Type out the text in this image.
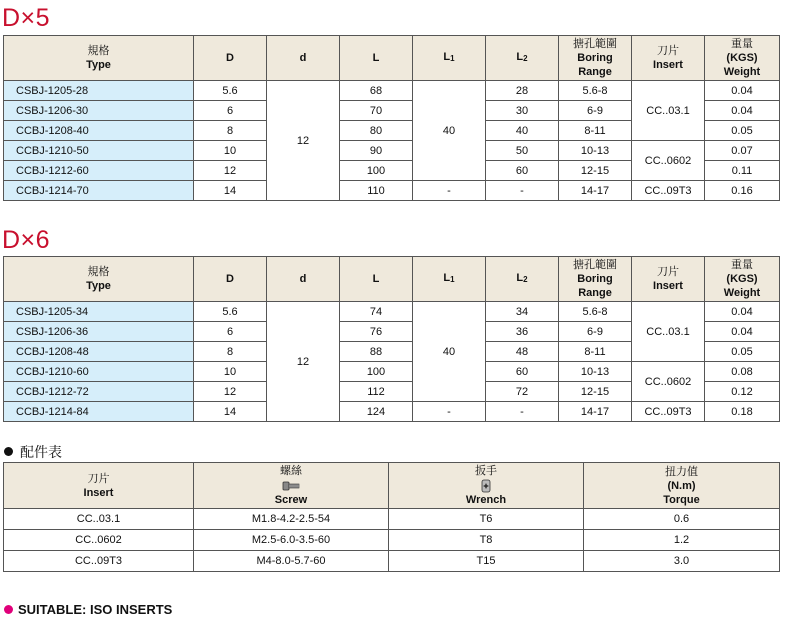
D×5
規格
Type	D	d	L	L1	L2	搪孔範圍
Boring
Range	刀片
Insert	重量
(KGS)
Weight
CSBJ-1205-28	5.6	12	68	40	28	5.6-8	CC..03.1	0.04
CSBJ-1206-30	6		70		30	6-9		0.04
CCBJ-1208-40	8		80		40	8-11		0.05
CCBJ-1210-50	10		90		50	10-13	CC..0602	0.07
CCBJ-1212-60	12		100		60	12-15		0.11
CCBJ-1214-70	14		110	-	-	14-17	CC..09T3	0.16
D×6
規格
Type	D	d	L	L1	L2	搪孔範圍
Boring
Range	刀片
Insert	重量
(KGS)
Weight
CSBJ-1205-34	5.6	12	74	40	34	5.6-8	CC..03.1	0.04
CSBJ-1206-36	6		76		36	6-9		0.04
CCBJ-1208-48	8		88		48	8-11		0.05
CCBJ-1210-60	10		100		60	10-13	CC..0602	0.08
CCBJ-1212-72	12		112		72	12-15		0.12
CCBJ-1214-84	14		124	-	-	14-17	CC..09T3	0.18
配件表
刀片
Insert	螺絲

Screw	扳手

Wrench	扭力值
(N.m)
Torque
CC..03.1	M1.8-4.2-2.5-54	T6	0.6
CC..0602	M2.5-6.0-3.5-60	T8	1.2
CC..09T3	M4-8.0-5.7-60	T15	3.0
SUITABLE: ISO INSERTS
